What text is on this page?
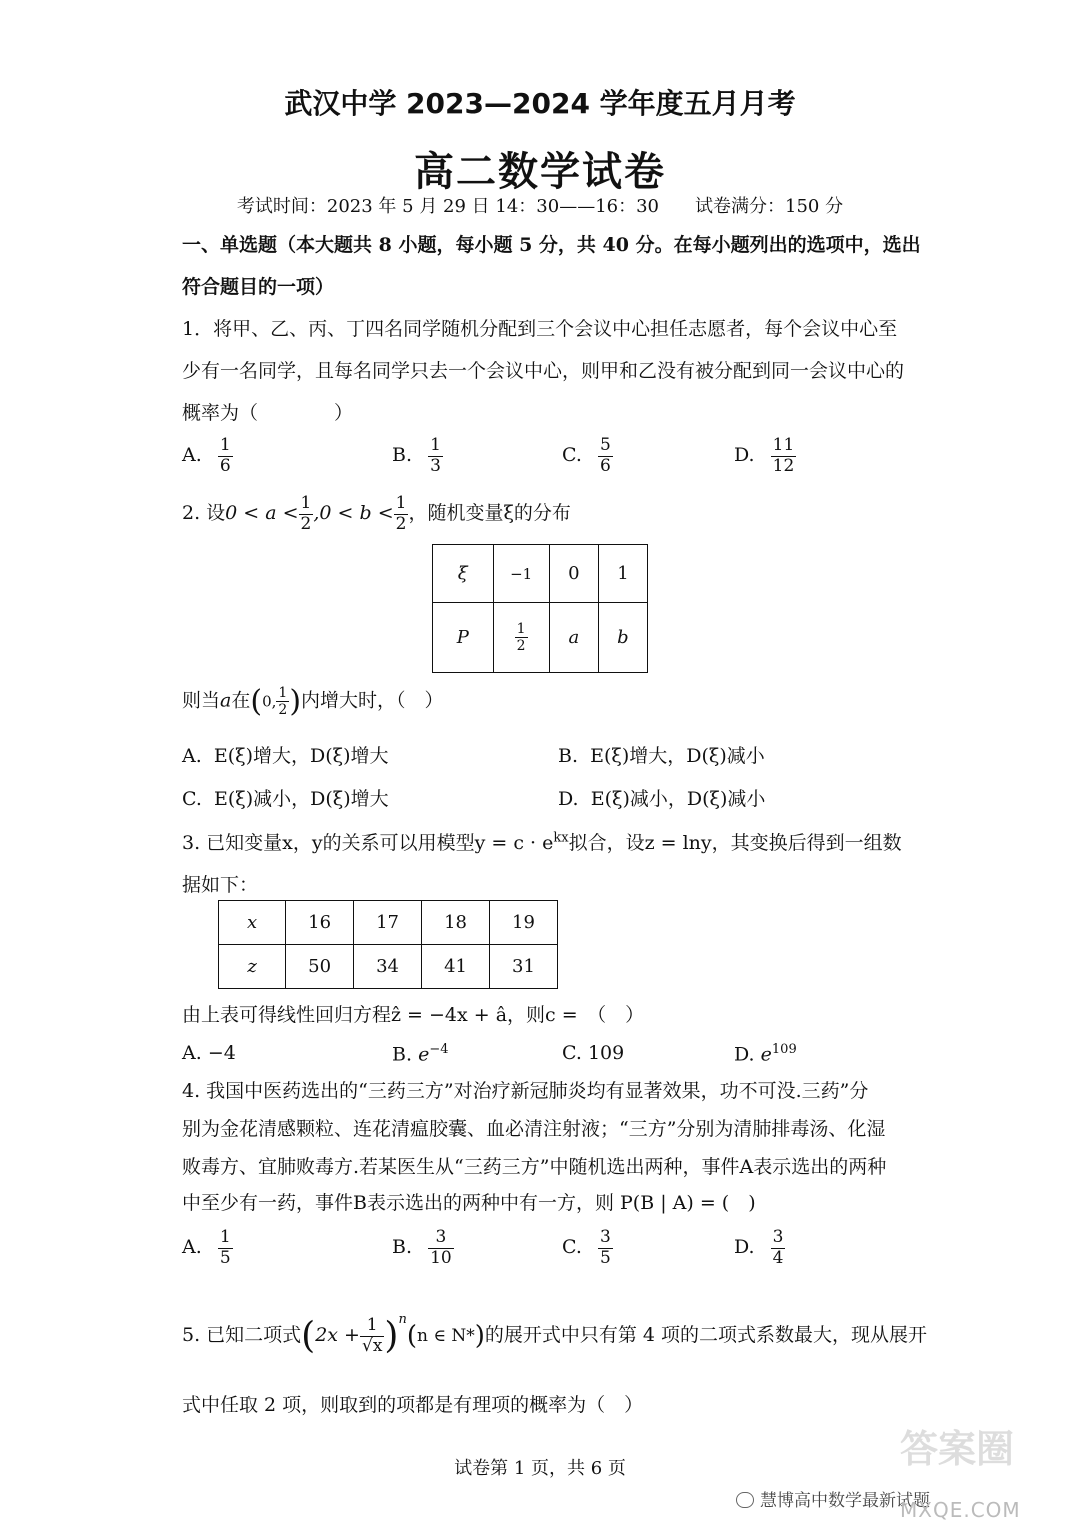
武汉中学 2023—2024 学年度五月月考
高二数学试卷
考试时间：2023 年 5 月 29 日 14：30——16：30　　试卷满分：150 分
一、单选题（本大题共 8 小题，每小题 5 分，共 40 分。在每小题列出的选项中，选出
符合题目的一项）
1．将甲、乙、丙、丁四名同学随机分配到三个会议中心担任志愿者，每个会议中心至
少有一名同学，且每名同学只去一个会议中心，则甲和乙没有被分配到同一会议中心的
概率为（　　　　）
A. $\frac{1}{6}$	B. $\frac{1}{3}$	C. $\frac{5}{6}$	D. $\frac{11}{12}$
2. 设$0 < a < \frac{1}{2} ,0 < b < \frac{1}{2}$ ，随机变量ξ的分布
ξ	−1	0	1
P	$\frac{1}{2}$	a	b
则当a在(0, $\frac{1}{2}$ )内增大时，（　）
A. E(ξ)增大，D(ξ)增大	B. E(ξ)增大，D(ξ)减小
C. E(ξ)减小，D(ξ)增大	D. E(ξ)减小，D(ξ)减小
3. 已知变量x，y的关系可以用模型$y = c \cdot e^{kx}$拟合，设z = lny，其变换后得到一组数
据如下：
x	16	17	18	19
z	50	34	41	31
由上表可得线性回归方程ẑ = −4x + â，则c =　（　）
A. −4	B. $e^{-4}$	C. 109	D. $e^{109}$
4. 我国中医药选出的“三药三方”对治疗新冠肺炎均有显著效果，功不可没.三药”分
别为金花清感颗粒、连花清瘟胶囊、血必清注射液；“三方”分别为清肺排毒汤、化湿
败毒方、宜肺败毒方.若某医生从“三药三方”中随机选出两种，事件A表示选出的两种
中至少有一药，事件B表示选出的两种中有一方，则 P(B | A) = (　)
A. $\frac{1}{5}$	B. $\frac{3}{10}$	C. $\frac{3}{5}$	D. $\frac{3}{4}$
5. 已知二项式$(2x + \frac{1}{√x} )^n(n$ ∈ N*)的展开式中只有第 4 项的二项式系数最大，现从展开
式中任取 2 项，则取到的项都是有理项的概率为（　）
试卷第 1 页，共 6 页
慧博高中数学最新试题
MXQE.COM
答案圈
